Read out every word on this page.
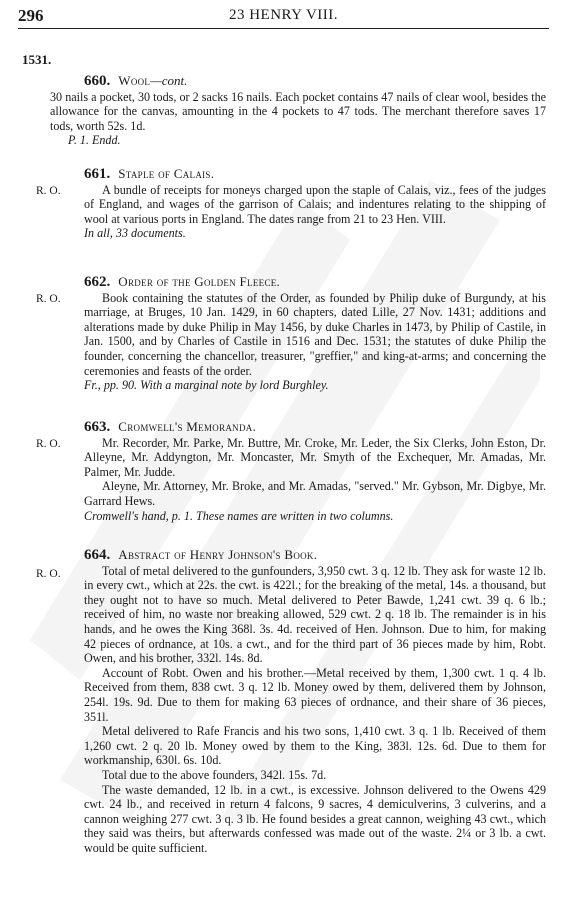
296	23 HENRY VIII.
1531.
660. Wool—cont.

30 nails a pocket, 30 tods, or 2 sacks 16 nails. Each pocket contains 47 nails of clear wool, besides the allowance for the canvas, amounting in the 4 pockets to 47 tods. The merchant therefore saves 17 tods, worth 52s. 1d.

P. 1. Endd.

R. O.
661. Staple of Calais.

A bundle of receipts for moneys charged upon the staple of Calais, viz., fees of the judges of England, and wages of the garrison of Calais; and indentures relating to the shipping of wool at various ports in England. The dates range from 21 to 23 Hen. VIII.

In all, 33 documents.

R. O.
662. Order of the Golden Fleece.

Book containing the statutes of the Order, as founded by Philip duke of Burgundy, at his marriage, at Bruges, 10 Jan. 1429, in 60 chapters, dated Lille, 27 Nov. 1431; additions and alterations made by duke Philip in May 1456, by duke Charles in 1473, by Philip of Castile, in Jan. 1500, and by Charles of Castile in 1516 and Dec. 1531; the statutes of duke Philip the founder, concerning the chancellor, treasurer, "greffier," and king-at-arms; and concerning the ceremonies and feasts of the order.

Fr., pp. 90. With a marginal note by lord Burghley.

R. O.
663. Cromwell's Memoranda.

Mr. Recorder, Mr. Parke, Mr. Buttre, Mr. Croke, Mr. Leder, the Six Clerks, John Eston, Dr. Alleyne, Mr. Addyngton, Mr. Moncaster, Mr. Smyth of the Exchequer, Mr. Amadas, Mr. Palmer, Mr. Judde.

Aleyne, Mr. Attorney, Mr. Broke, and Mr. Amadas, "served." Mr. Gybson, Mr. Digbye, Mr. Garrard Hews.

Cromwell's hand, p. 1. These names are written in two columns.

R. O.
664. Abstract of Henry Johnson's Book.

Total of metal delivered to the gunfounders, 3,950 cwt. 3 q. 12 lb. They ask for waste 12 lb. in every cwt., which at 22s. the cwt. is 422l.; for the breaking of the metal, 14s. a thousand, but they ought not to have so much. Metal delivered to Peter Bawde, 1,241 cwt. 39 q. 6 lb.; received of him, no waste nor breaking allowed, 529 cwt. 2 q. 18 lb. The remainder is in his hands, and he owes the King 368l. 3s. 4d. received of Hen. Johnson. Due to him, for making 42 pieces of ordnance, at 10s. a cwt., and for the third part of 36 pieces made by him, Robt. Owen, and his brother, 332l. 14s. 8d.

Account of Robt. Owen and his brother.—Metal received by them, 1,300 cwt. 1 q. 4 lb. Received from them, 838 cwt. 3 q. 12 lb. Money owed by them, delivered them by Johnson, 254l. 19s. 9d. Due to them for making 63 pieces of ordnance, and their share of 36 pieces, 351l.

Metal delivered to Rafe Francis and his two sons, 1,410 cwt. 3 q. 1 lb. Received of them 1,260 cwt. 2 q. 20 lb. Money owed by them to the King, 383l. 12s. 6d. Due to them for workmanship, 630l. 6s. 10d.

Total due to the above founders, 342l. 15s. 7d.

The waste demanded, 12 lb. in a cwt., is excessive. Johnson delivered to the Owens 429 cwt. 24 lb., and received in return 4 falcons, 9 sacres, 4 demiculverins, 3 culverins, and a cannon weighing 277 cwt. 3 q. 3 lb. He found besides a great cannon, weighing 43 cwt., which they said was theirs, but afterwards confessed was made out of the waste. 2¼ or 3 lb. a cwt. would be quite sufficient.
